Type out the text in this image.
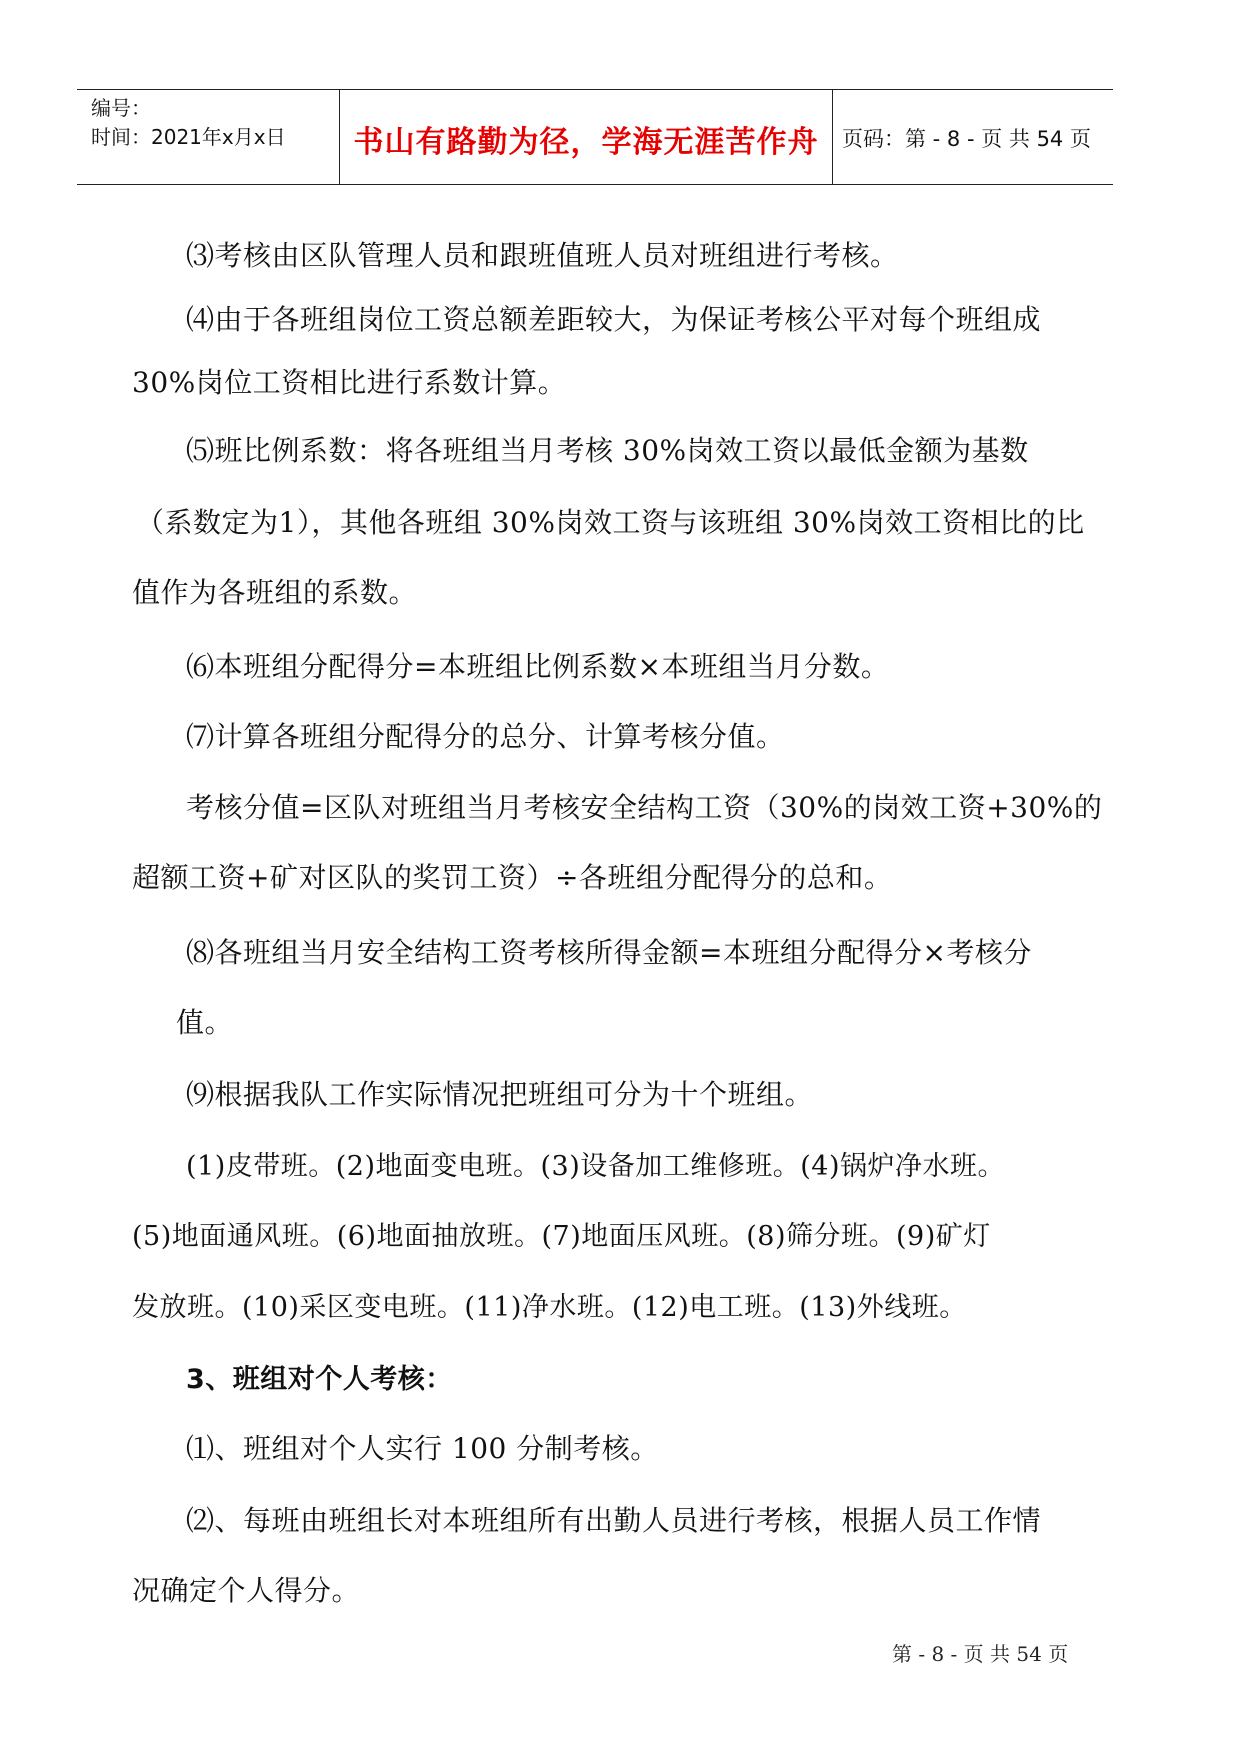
编号：
时间：2021年x月x日	书山有路勤为径，学海无涯苦作舟	页码：第 - 8 - 页 共 54 页
⑶考核由区队管理人员和跟班值班人员对班组进行考核。
⑷由于各班组岗位工资总额差距较大，为保证考核公平对每个班组成
30%岗位工资相比进行系数计算。
⑸班比例系数：将各班组当月考核 30%岗效工资以最低金额为基数
（系数定为1），其他各班组 30%岗效工资与该班组 30%岗效工资相比的比
值作为各班组的系数。
⑹本班组分配得分=本班组比例系数×本班组当月分数。
⑺计算各班组分配得分的总分、计算考核分值。
考核分值=区队对班组当月考核安全结构工资（30%的岗效工资+30%的
超额工资+矿对区队的奖罚工资）÷各班组分配得分的总和。
⑻各班组当月安全结构工资考核所得金额=本班组分配得分×考核分
值。
⑼根据我队工作实际情况把班组可分为十个班组。
(1)皮带班。(2)地面变电班。(3)设备加工维修班。(4)锅炉净水班。
(5)地面通风班。(6)地面抽放班。(7)地面压风班。(8)筛分班。(9)矿灯
发放班。(10)采区变电班。(11)净水班。(12)电工班。(13)外线班。
3、班组对个人考核：
⑴、班组对个人实行 100 分制考核。
⑵、每班由班组长对本班组所有出勤人员进行考核，根据人员工作情
况确定个人得分。
第 - 8 - 页 共 54 页
